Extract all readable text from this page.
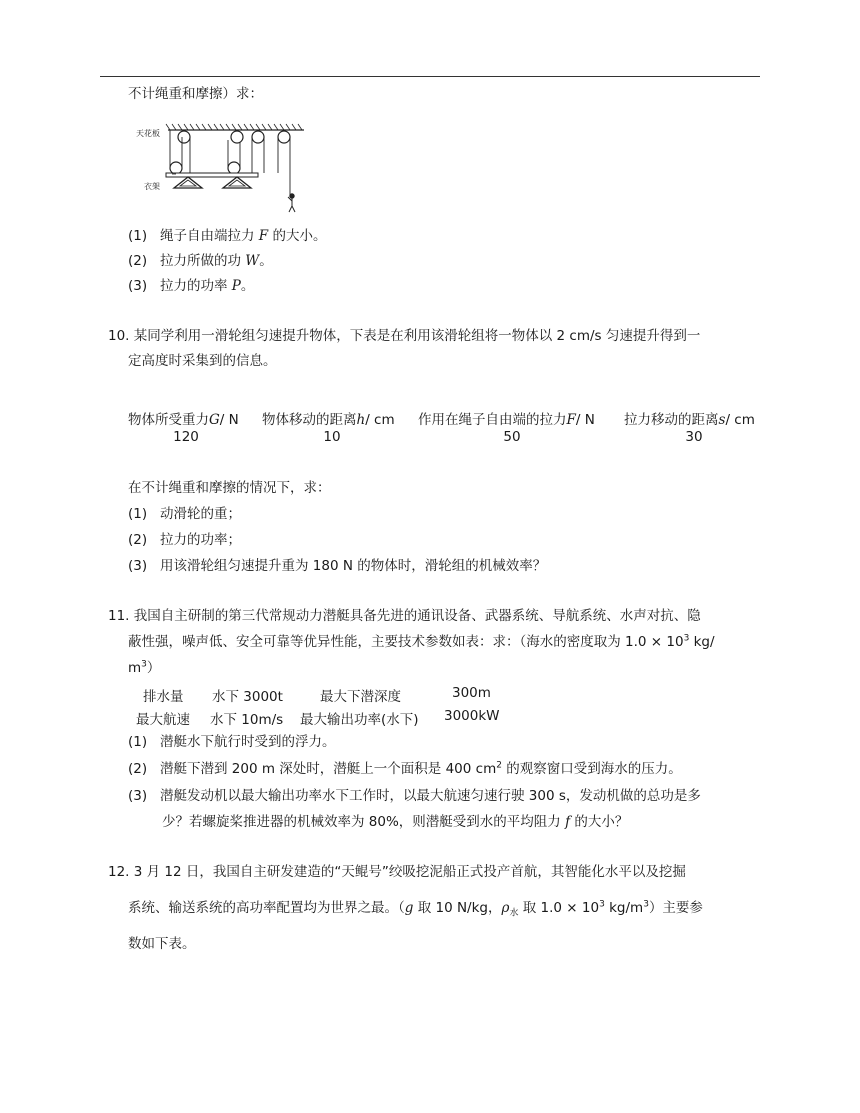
不计绳重和摩擦）求：
天花板
衣架
(1) 绳子自由端拉力 F 的大小。
(2) 拉力所做的功 W。
(3) 拉力的功率 P。
10. 某同学利用一滑轮组匀速提升物体，下表是在利用该滑轮组将一物体以 2 cm/s 匀速提升得到一
定高度时采集到的信息。
物体所受重力G/ N 物体移动的距离h/ cm 作用在绳子自由端的拉力F/ N 拉力移动的距离s/ cm
120	10	50	30
在不计绳重和摩擦的情况下，求：
(1) 动滑轮的重；
(2) 拉力的功率；
(3) 用该滑轮组匀速提升重为 180 N 的物体时，滑轮组的机械效率？
11. 我国自主研制的第三代常规动力潜艇具备先进的通讯设备、武器系统、导航系统、水声对抗、隐
蔽性强，噪声低、安全可靠等优异性能，主要技术参数如表：求：（海水的密度取为 $1.0 \times 10^3$ kg/
$m^3$）
排水量 水下 3000t	最大下潜深度	300m
最大航速 水下 10m/s 最大输出功率(水下) 3000kW
(1) 潜艇水下航行时受到的浮力。
(2) 潜艇下潜到 200 m 深处时，潜艇上一个面积是 400 $cm^2$ 的观察窗口受到海水的压力。
(3) 潜艇发动机以最大输出功率水下工作时，以最大航速匀速行驶 300 s，发动机做的总功是多
少？若螺旋桨推进器的机械效率为 80%，则潜艇受到水的平均阻力 f 的大小？
12. 3 月 12 日，我国自主研发建造的“天鲲号”绞吸挖泥船正式投产首航，其智能化水平以及挖掘
系统、输送系统的高功率配置均为世界之最。（g 取 10 N/kg，$\rho_水$ 取 $1.0 \times 10^3$ $kg/m^3$）主要参
数如下表。
